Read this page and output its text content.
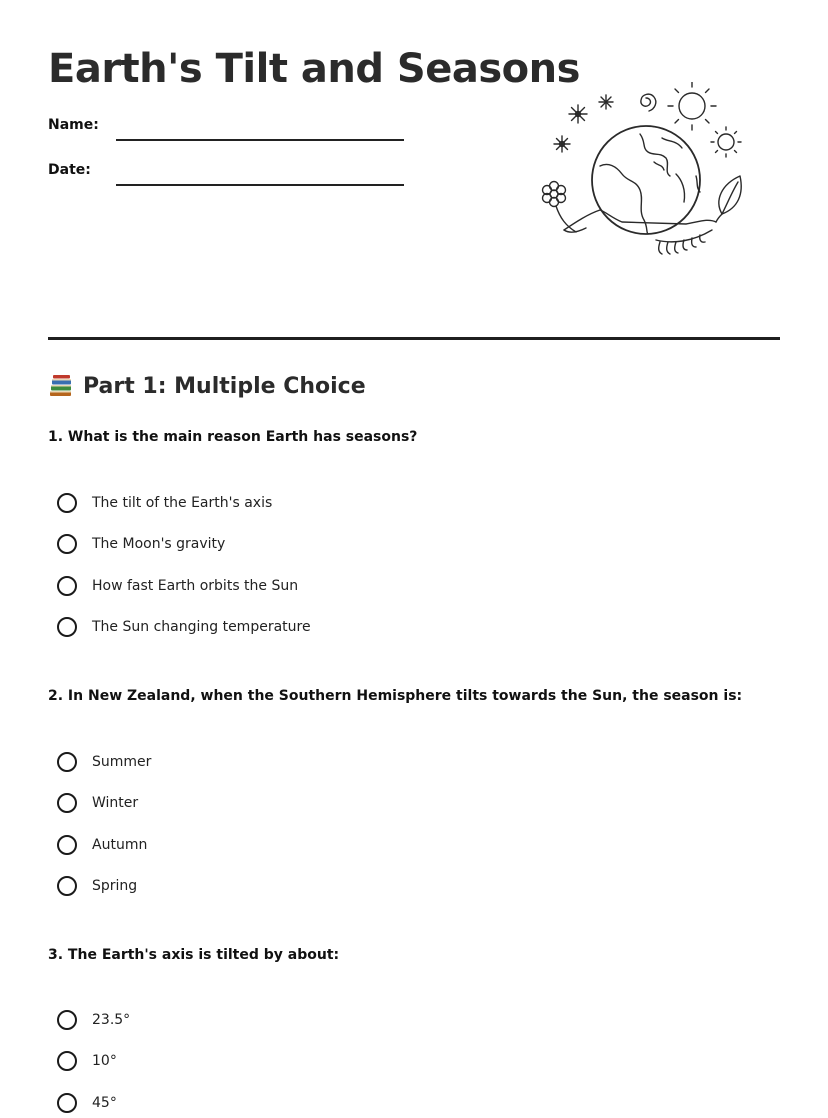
Earth's Tilt and Seasons
Name:
Date:
Part 1: Multiple Choice
1. What is the main reason Earth has seasons?
The tilt of the Earth's axis
The Moon's gravity
How fast Earth orbits the Sun
The Sun changing temperature
2. In New Zealand, when the Southern Hemisphere tilts towards the Sun, the season is:
Summer
Winter
Autumn
Spring
3. The Earth's axis is tilted by about:
23.5°
10°
45°
